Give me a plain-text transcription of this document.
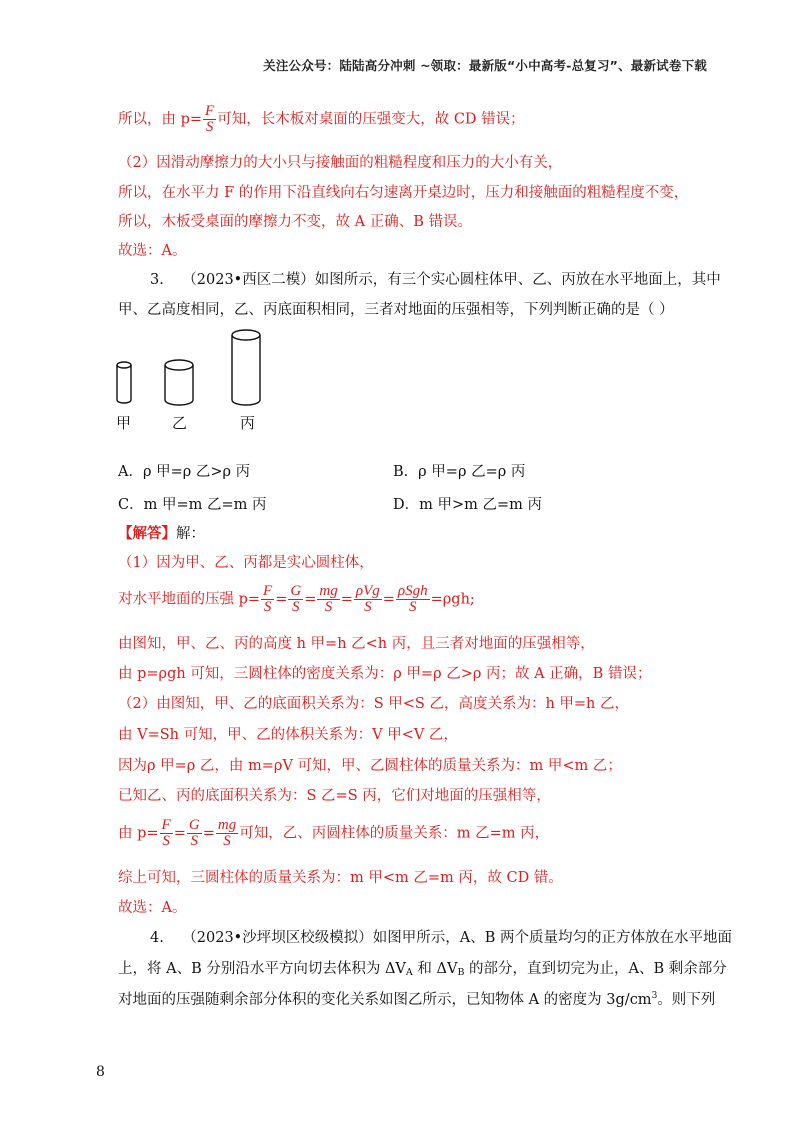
关注公众号：陆陆高分冲刺 ~领取：最新版“小中高考-总复习”、最新试卷下载
所以，由 $p= \frac{F}{S}$ 可知，长木板对桌面的压强变大，故 CD 错误；
（2）因滑动摩擦力的大小只与接触面的粗糙程度和压力的大小有关，
所以，在水平力 F 的作用下沿直线向右匀速离开桌边时，压力和接触面的粗糙程度不变，
所以，木板受桌面的摩擦力不变，故 A 正确、B 错误。
故选：A。
3. （2023•西区二模）如图所示，有三个实心圆柱体甲、乙、丙放在水平地面上，其中
甲、乙高度相同，乙、丙底面积相同，三者对地面的压强相等，下列判断正确的是（ ）
甲	乙	丙
A．ρ 甲=ρ 乙>ρ 丙	B．ρ 甲=ρ 乙=ρ 丙
C．m 甲=m 乙=m 丙	D．m 甲>m 乙=m 丙
【解答】解：
（1）因为甲、乙、丙都是实心圆柱体，
对水平地面的压强 $p= \frac{F}{S} = \frac{G}{S} = \frac{mg}{S} = \frac{\text{ρVg}}{S} = \frac{\text{ρSgh}}{S} =\rho gh$;
由图知，甲、乙、丙的高度 h 甲=h 乙<h 丙，且三者对地面的压强相等，
由 p=ρgh 可知，三圆柱体的密度关系为：ρ 甲=ρ 乙>ρ 丙；故 A 正确，B 错误；
（2）由图知，甲、乙的底面积关系为：S 甲<S 乙，高度关系为：h 甲=h 乙，
由 V=Sh 可知，甲、乙的体积关系为：V 甲<V 乙，
因为ρ 甲=ρ 乙，由 m=ρV 可知，甲、乙圆柱体的质量关系为：m 甲<m 乙；
已知乙、丙的底面积关系为：S 乙=S 丙，它们对地面的压强相等，
由 $p= \frac{F}{S} = \frac{G}{S} = \frac{mg}{S}$ 可知，乙、丙圆柱体的质量关系：m 乙=m 丙，
综上可知，三圆柱体的质量关系为：m 甲<m 乙=m 丙，故 CD 错。
故选：A。
4. （2023•沙坪坝区校级模拟）如图甲所示，A、B 两个质量均匀的正方体放在水平地面
上，将 A、B 分别沿水平方向切去体积为 $\Delta V_A$ 和 $\Delta V_B$ 的部分，直到切完为止，A、B 剩余部分
对地面的压强随剩余部分体积的变化关系如图乙所示，已知物体 A 的密度为 $3g/cm^3$。则下列
8
